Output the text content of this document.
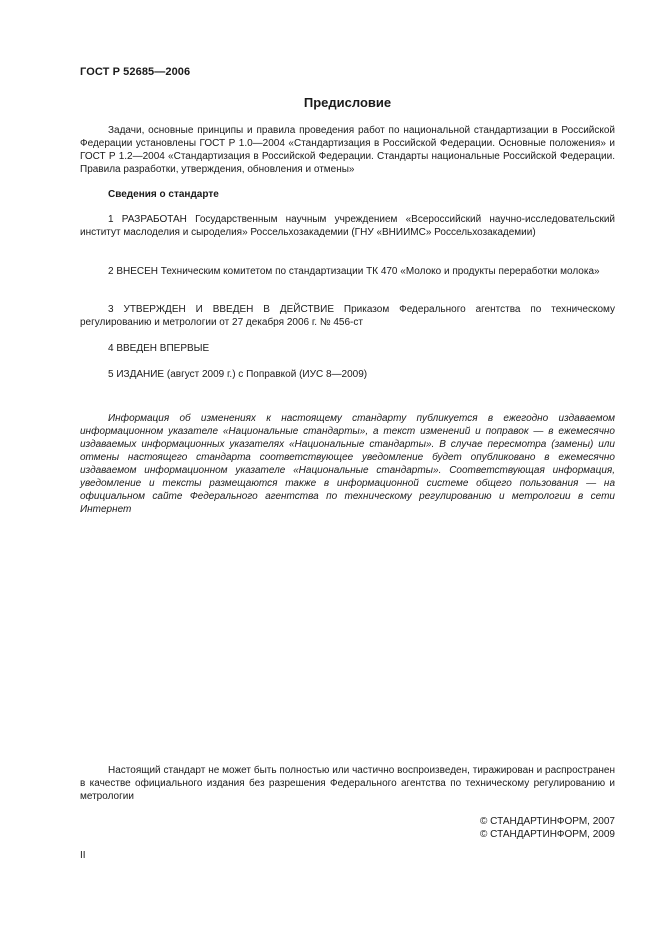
ГОСТ Р 52685—2006
Предисловие
Задачи, основные принципы и правила проведения работ по национальной стандартизации в Российской Федерации установлены ГОСТ Р 1.0—2004 «Стандартизация в Российской Федерации. Основные положения» и ГОСТ Р 1.2—2004 «Стандартизация в Российской Федерации. Стандарты национальные Российской Федерации. Правила разработки, утверждения, обновления и отмены»
Сведения о стандарте
1 РАЗРАБОТАН Государственным научным учреждением «Всероссийский научно-исследовательский институт маслоделия и сыроделия» Россельхозакадемии (ГНУ «ВНИИМС» Россельхозакадемии)
2 ВНЕСЕН Техническим комитетом по стандартизации ТК 470 «Молоко и продукты переработки молока»
3 УТВЕРЖДЕН И ВВЕДЕН В ДЕЙСТВИЕ Приказом Федерального агентства по техническому регулированию и метрологии от 27 декабря 2006 г. № 456-ст
4 ВВЕДЕН ВПЕРВЫЕ
5 ИЗДАНИЕ (август 2009 г.) с Поправкой (ИУС 8—2009)
Информация об изменениях к настоящему стандарту публикуется в ежегодно издаваемом информационном указателе «Национальные стандарты», а текст изменений и поправок — в ежемесячно издаваемых информационных указателях «Национальные стандарты». В случае пересмотра (замены) или отмены настоящего стандарта соответствующее уведомление будет опубликовано в ежемесячно издаваемом информационном указателе «Национальные стандарты». Соответствующая информация, уведомление и тексты размещаются также в информационной системе общего пользования — на официальном сайте Федерального агентства по техническому регулированию и метрологии в сети Интернет
Настоящий стандарт не может быть полностью или частично воспроизведен, тиражирован и распространен в качестве официального издания без разрешения Федерального агентства по техническому регулированию и метрологии
© СТАНДАРТИНФОРМ, 2007
© СТАНДАРТИНФОРМ, 2009
II
